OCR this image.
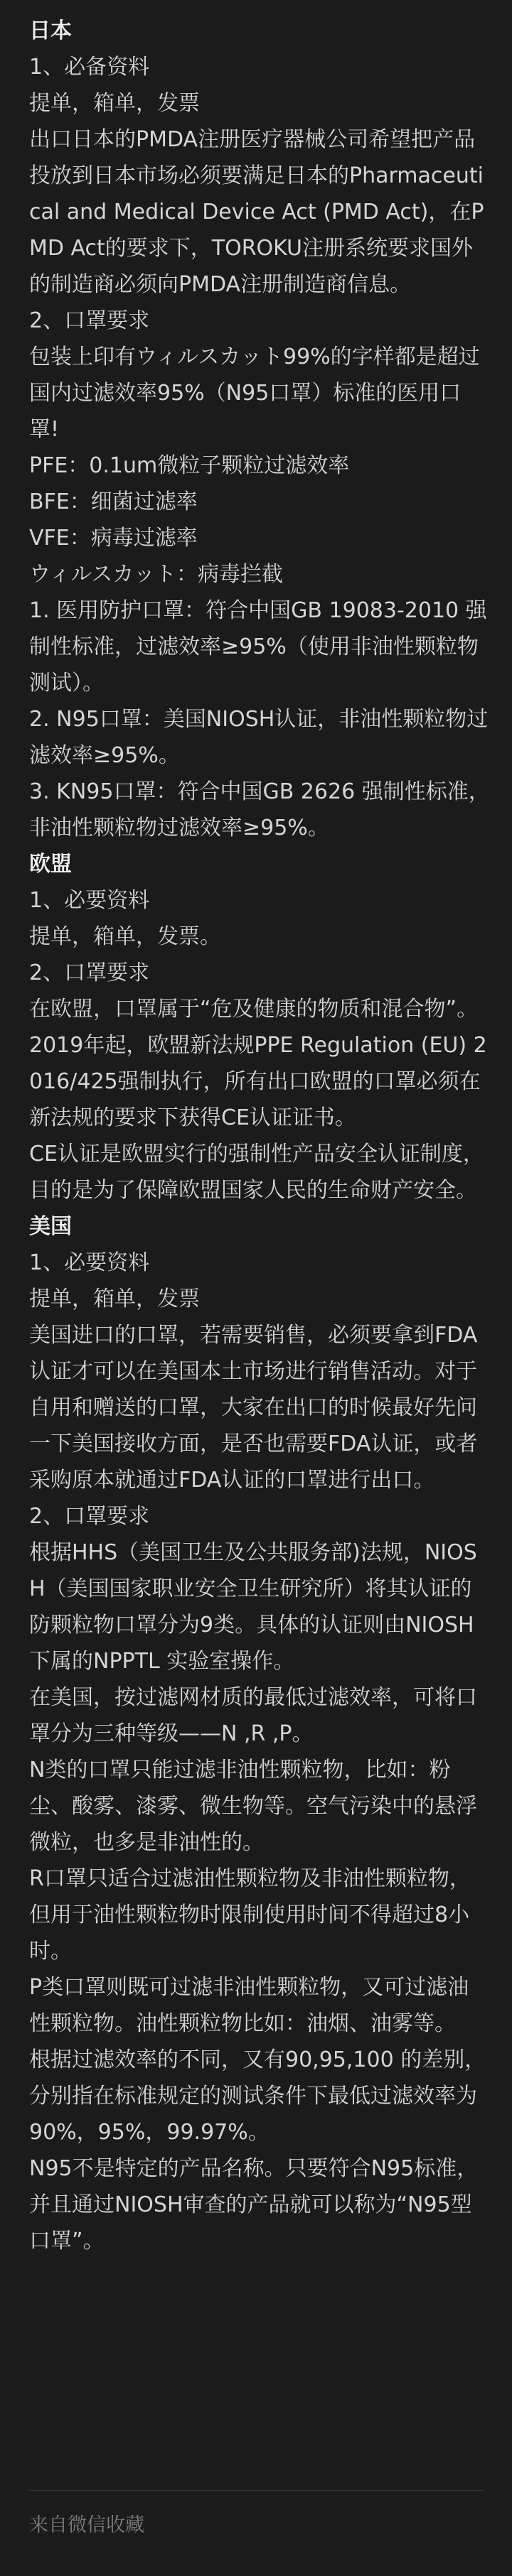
日本

1、必备资料

提单，箱单，发票

出口日本的PMDA注册医疗器械公司希望把产品投放到日本市场必须要满足日本的Pharmaceutical and Medical Device Act (PMD Act)，在PMD Act的要求下，TOROKU注册系统要求国外的制造商必须向PMDA注册制造商信息。

2、口罩要求

包装上印有ウィルスカット99%的字样都是超过国内过滤效率95%（N95口罩）标准的医用口罩!

PFE：0.1um微粒子颗粒过滤效率

BFE：细菌过滤率

VFE：病毒过滤率

ウィルスカット：病毒拦截

1. 医用防护口罩：符合中国GB 19083-2010 强制性标准，过滤效率≥95%（使用非油性颗粒物测试）。

2. N95口罩：美国NIOSH认证，非油性颗粒物过滤效率≥95%。

3. KN95口罩：符合中国GB 2626 强制性标准，非油性颗粒物过滤效率≥95%。

欧盟

1、必要资料

提单，箱单，发票。

2、口罩要求

在欧盟，口罩属于“危及健康的物质和混合物”。2019年起，欧盟新法规PPE Regulation (EU) 2016/425强制执行，所有出口欧盟的口罩必须在新法规的要求下获得CE认证证书。

CE认证是欧盟实行的强制性产品安全认证制度，目的是为了保障欧盟国家人民的生命财产安全。

美国

1、必要资料

提单，箱单，发票

美国进口的口罩，若需要销售，必须要拿到FDA认证才可以在美国本土市场进行销售活动。对于自用和赠送的口罩，大家在出口的时候最好先问一下美国接收方面，是否也需要FDA认证，或者采购原本就通过FDA认证的口罩进行出口。

2、口罩要求

根据HHS（美国卫生及公共服务部)法规，NIOSH（美国国家职业安全卫生研究所）将其认证的防颗粒物口罩分为9类。具体的认证则由NIOSH下属的NPPTL 实验室操作。

在美国，按过滤网材质的最低过滤效率，可将口罩分为三种等级——N ,R ,P。

N类的口罩只能过滤非油性颗粒物，比如：粉尘、酸雾、漆雾、微生物等。空气污染中的悬浮微粒，也多是非油性的。

R口罩只适合过滤油性颗粒物及非油性颗粒物，但用于油性颗粒物时限制使用时间不得超过8小时。

P类口罩则既可过滤非油性颗粒物，又可过滤油性颗粒物。油性颗粒物比如：油烟、油雾等。

根据过滤效率的不同，又有90,95,100 的差别，分别指在标准规定的测试条件下最低过滤效率为90%，95%，99.97%。

N95不是特定的产品名称。只要符合N95标准，并且通过NIOSH审查的产品就可以称为“N95型口罩”。

来自微信收藏
